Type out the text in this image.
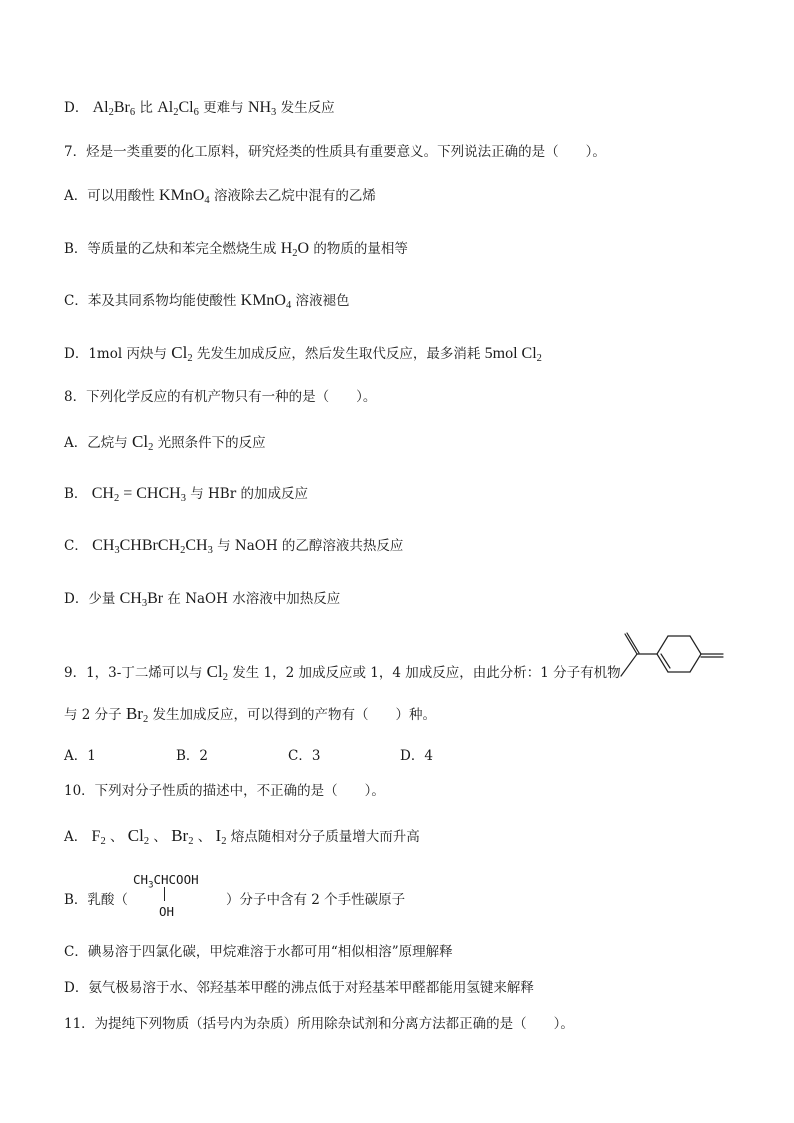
D． $Al_2Br_6$ 比 $Al_2Cl_6$ 更难与 $NH_3$ 发生反应
7．烃是一类重要的化工原料，研究烃类的性质具有重要意义。下列说法正确的是（　　）。
A．可以用酸性 KMnO$_4$ 溶液除去乙烷中混有的乙烯
B．等质量的乙炔和苯完全燃烧生成 $H_2O$ 的物质的量相等
C．苯及其同系物均能使酸性 KMnO$_4$ 溶液褪色
D．1mol 丙炔与 $Cl_2$ 先发生加成反应，然后发生取代反应，最多消耗 5mol $Cl_2$
8．下列化学反应的有机产物只有一种的是（　　）。
A．乙烷与 $Cl_2$ 光照条件下的反应
B． $CH_2$ = $CHCH_3$ 与 HBr 的加成反应
C． $CH_3CHBrCH_2CH_3$ 与 NaOH 的乙醇溶液共热反应
D．少量 $CH_3Br$ 在 NaOH 水溶液中加热反应
9．1，3-丁二烯可以与 $Cl_2$ 发生 1，2 加成反应或 1，4 加成反应，由此分析：1 分子有机物
与 2 分子 $Br_2$ 发生加成反应，可以得到的产物有（　　）种。
A．1	B．2	C．3	D．4
10．下列对分子性质的描述中，不正确的是（　　）。
A． $F_2$ 、 $Cl_2$ 、 $Br_2$ 、 $I_2$ 熔点随相对分子质量增大而升高
B．乳酸（
$CH_3CHCOOH$
OH
）分子中含有 2 个手性碳原子
C．碘易溶于四氯化碳，甲烷难溶于水都可用“相似相溶”原理解释
D．氨气极易溶于水、邻羟基苯甲醛的沸点低于对羟基苯甲醛都能用氢键来解释
11．为提纯下列物质（括号内为杂质）所用除杂试剂和分离方法都正确的是（　　）。
